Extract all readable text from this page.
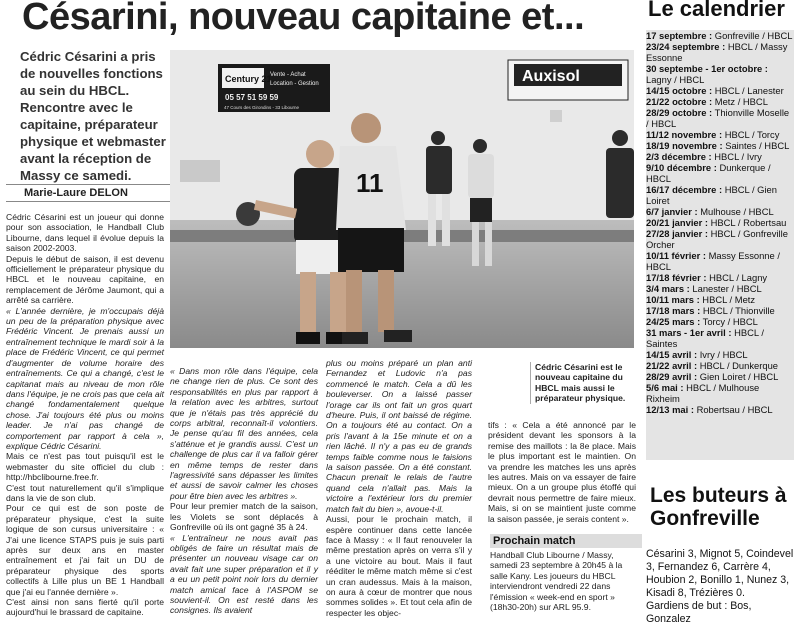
Césarini, nouveau capitaine et...
Cédric Césarini a pris de nouvelles fonctions au sein du HBCL. Rencontre avec le capitaine, préparateur physique et webmaster avant la réception de Massy ce samedi.
Marie-Laure DELON

Cédric Césarini est un joueur qui donne pour son association, le Handball Club Libourne, dans lequel il évolue depuis la saison 2002-2003.

Depuis le début de saison, il est devenu officiellement le préparateur physique du HBCL et le nouveau capitaine, en remplacement de Jérôme Jaumont, qui a arrêté sa carrière.

« L'année dernière, je m'occupais déjà un peu de la préparation physique avec Frédéric Vincent. Je prenais aussi un entraînement technique le mardi soir à la place de Frédéric Vincent, ce qui permet d'augmenter de volume horaire des entraînements. Ce qui a changé, c'est le capitanat mais au niveau de mon rôle dans l'équipe, je ne crois pas que cela ait changé fondamentalement quelque chose. J'ai toujours été plus ou moins leader. Je n'ai pas changé de comportement par rapport à cela », explique Cédric Césarini.

Mais ce n'est pas tout puisqu'il est le webmaster du site officiel du club : http://hbclibourne.free.fr.

C'est tout naturellement qu'il s'implique dans la vie de son club.

Pour ce qui est de son poste de préparateur physique, c'est la suite logique de son cursus universitaire : « J'ai une licence STAPS puis je suis parti après sur deux ans en master entraînement et j'ai fait un DU de préparateur physique des sports collectifs à Lille plus un BE 1 Handball que j'ai eu l'année dernière ».

C'est ainsi non sans fierté qu'il porte aujourd'hui le brassard de capitaine.

« Dans mon rôle dans l'équipe, cela ne change rien de plus. Ce sont des responsabilités en plus par rapport à la relation avec les arbitres, surtout que je n'étais pas très apprécié du corps arbitral, reconnaît-il volontiers. Je pense qu'au fil des années, cela s'atténue et je grandis aussi. C'est un challenge de plus car il va falloir gérer en même temps de rester dans l'agressivité sans dépasser les limites et aussi de savoir calmer les choses pour être bien avec les arbitres ».

Pour leur premier match de la saison, les Violets se sont déplacés à Gonfreville où ils ont gagné 35 à 24.

« L'entraîneur ne nous avait pas obligés de faire un résultat mais de présenter un nouveau visage car on avait fait une super préparation et il y a eu un petit point noir lors du dernier match amical face à l'ASPOM se souvient-il. On est resté dans les consignes. Ils avaient

plus ou moins préparé un plan anti Fernandez et Ludovic n'a pas commencé le match. Cela a dû les bouleverser. On a laissé passer l'orage car ils ont fait un gros quart d'heure. Puis, il ont baissé de régime. On a toujours été au contact. On a pris l'avant à la 15e minute et on a rien lâché. Il n'y a pas eu de grands temps faible comme nous le faisions la saison passée. On a été constant. Chacun prenait le relais de l'autre quand cela n'allait pas. Mais la victoire a l'extérieur lors du premier match fait du bien », avoue-t-il.

Aussi, pour le prochain match, il espère continuer dans cette lancée face à Massy : « Il faut renouveler la même prestation après on verra s'il y a une victoire au bout. Mais il faut rééditer le même match même si c'est un cran audessus. Mais à la maison, on aura à cœur de montrer que nous sommes solides ». Et tout cela afin de respecter les objec-

tifs : « Cela a été annoncé par le président devant les sponsors à la remise des maillots : la 8e place. Mais le plus important est le maintien. On va prendre les matches les uns après les autres. Mais on va essayer de faire mieux. On a un groupe plus étoffé qui devrait nous permettre de faire mieux. Mais, si on se maintient juste comme la saison passée, je serais content ».

Century 21
Vente - Achat
Location - Gestion
05 57 51 59 59
47 Cours des Girondins - 33 Libourne
Auxisol
11
Cédric Césarini est le nouveau capitaine du HBCL mais aussi le préparateur physique.
Le calendrier
17 septembre : Gonfreville / HBCL
23/24 septembre : HBCL / Massy Essonne
30 septembe - 1er octobre : Lagny / HBCL
14/15 octobre : HBCL / Lanester
21/22 octobre : Metz / HBCL
28/29 octobre : Thionville Moselle / HBCL
11/12 novembre : HBCL / Torcy
18/19 novembre : Saintes / HBCL
2/3 décembre : HBCL / Ivry
9/10 décembre : Dunkerque / HBCL
16/17 décembre : HBCL / Gien Loiret
6/7 janvier : Mulhouse / HBCL
20/21 janvier : HBCL / Robertsau
27/28 janvier : HBCL / Gonfreville Orcher
10/11 février : Massy Essonne / HBCL
17/18 février : HBCL / Lagny
3/4 mars : Lanester / HBCL
10/11 mars : HBCL / Metz
17/18 mars : HBCL / Thionville
24/25 mars : Torcy / HBCL
31 mars - 1er avril : HBCL / Saintes
14/15 avril : Ivry / HBCL
21/22 avril : HBCL / Dunkerque
28/29 avril : Gien Loiret / HBCL
5/6 mai : HBCL / Mulhouse Rixheim
12/13 mai : Robertsau / HBCL
Les buteurs à Gonfreville
Césarini 3, Mignot 5, Coindevel 3, Fernandez 6, Carrère 4, Houbion 2, Bonillo 1, Nunez 3, Kisadi 8, Trézières 0.
Gardiens de but : Bos, Gonzalez
Prochain match
Handball Club Libourne / Massy, samedi 23 septembre à 20h45 à la salle Kany. Les joueurs du HBCL interviendront vendredi 22 dans l'émission « week-end en sport » (18h30-20h) sur ARL 95.9.
